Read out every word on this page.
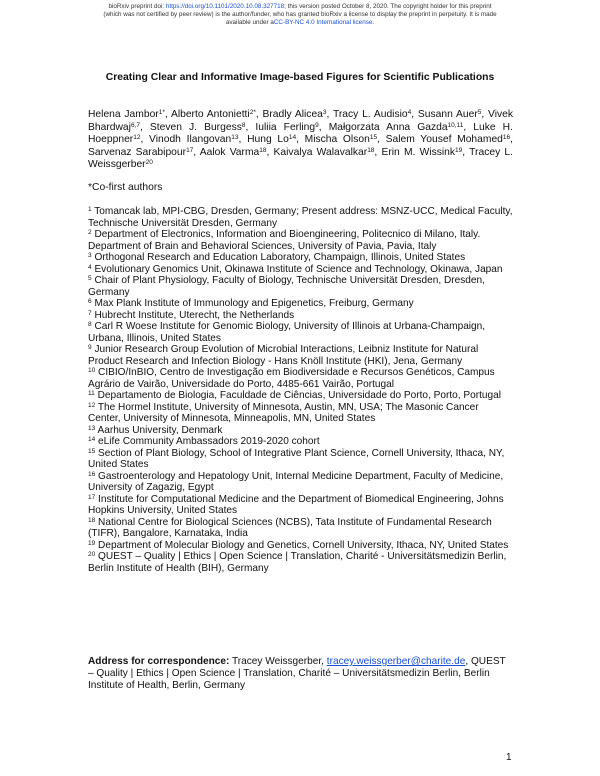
bioRxiv preprint doi: https://doi.org/10.1101/2020.10.08.327718; this version posted October 8, 2020. The copyright holder for this preprint
(which was not certified by peer review) is the author/funder, who has granted bioRxiv a license to display the preprint in perpetuity. It is made
available under aCC-BY-NC 4.0 International license.
Creating Clear and Informative Image-based Figures for Scientific Publications
Helena Jambor$^{1*}$, Alberto Antonietti$^{2*}$, Bradly Alicea$^3$, Tracy L. Audisio$^4$, Susann Auer$^5$, Vivek Bhardwaj$^{6,7}$, Steven J. Burgess$^8$, Iuliia Ferling$^9$, Małgorzata Anna Gazda$^{10,11}$, Luke H. Hoeppner$^{12}$, Vinodh Ilangovan$^{13}$, Hung Lo$^{14}$, Mischa Olson$^{15}$, Salem Yousef Mohamed$^{16}$, Sarvenaz Sarabipour$^{17}$, Aalok Varma$^{18}$, Kaivalya Walavalkar$^{18}$, Erin M. Wissink$^{19}$, Tracey L. Weissgerber$^{20}$
*Co-first authors

$^1$ Tomancak lab, MPI-CBG, Dresden, Germany; Present address: MSNZ-UCC, Medical Faculty, Technische Universität Dresden, Germany

$^2$ Department of Electronics, Information and Bioengineering, Politecnico di Milano, Italy. Department of Brain and Behavioral Sciences, University of Pavia, Pavia, Italy

$^3$ Orthogonal Research and Education Laboratory, Champaign, Illinois, United States

$^4$ Evolutionary Genomics Unit, Okinawa Institute of Science and Technology, Okinawa, Japan

$^5$ Chair of Plant Physiology, Faculty of Biology, Technische Universität Dresden, Dresden, Germany

$^6$ Max Plank Institute of Immunology and Epigenetics, Freiburg, Germany

$^7$ Hubrecht Institute, Uterecht, the Netherlands

$^8$ Carl R Woese Institute for Genomic Biology, University of Illinois at Urbana-Champaign, Urbana, Illinois, United States

$^9$ Junior Research Group Evolution of Microbial Interactions, Leibniz Institute for Natural Product Research and Infection Biology - Hans Knöll Institute (HKI), Jena, Germany

$^{10}$ CIBIO/InBIO, Centro de Investigação em Biodiversidade e Recursos Genéticos, Campus Agrário de Vairão, Universidade do Porto, 4485-661 Vairão, Portugal

$^{11}$ Departamento de Biologia, Faculdade de Ciências, Universidade do Porto, Porto, Portugal

$^{12}$ The Hormel Institute, University of Minnesota, Austin, MN, USA; The Masonic Cancer Center, University of Minnesota, Minneapolis, MN, United States

$^{13}$ Aarhus University, Denmark

$^{14}$ eLife Community Ambassadors 2019-2020 cohort

$^{15}$ Section of Plant Biology, School of Integrative Plant Science, Cornell University, Ithaca, NY, United States

$^{16}$ Gastroenterology and Hepatology Unit, Internal Medicine Department, Faculty of Medicine, University of Zagazig, Egypt

$^{17}$ Institute for Computational Medicine and the Department of Biomedical Engineering, Johns Hopkins University, United States

$^{18}$ National Centre for Biological Sciences (NCBS), Tata Institute of Fundamental Research (TIFR), Bangalore, Karnataka, India

$^{19}$ Department of Molecular Biology and Genetics, Cornell University, Ithaca, NY, United States

$^{20}$ QUEST – Quality | Ethics | Open Science | Translation, Charité - Universitätsmedizin Berlin, Berlin Institute of Health (BIH), Germany

Address for correspondence: Tracey Weissgerber, tracey.weissgerber@charite.de, QUEST – Quality | Ethics | Open Science | Translation, Charité – Universitätsmedizin Berlin, Berlin Institute of Health, Berlin, Germany
1
